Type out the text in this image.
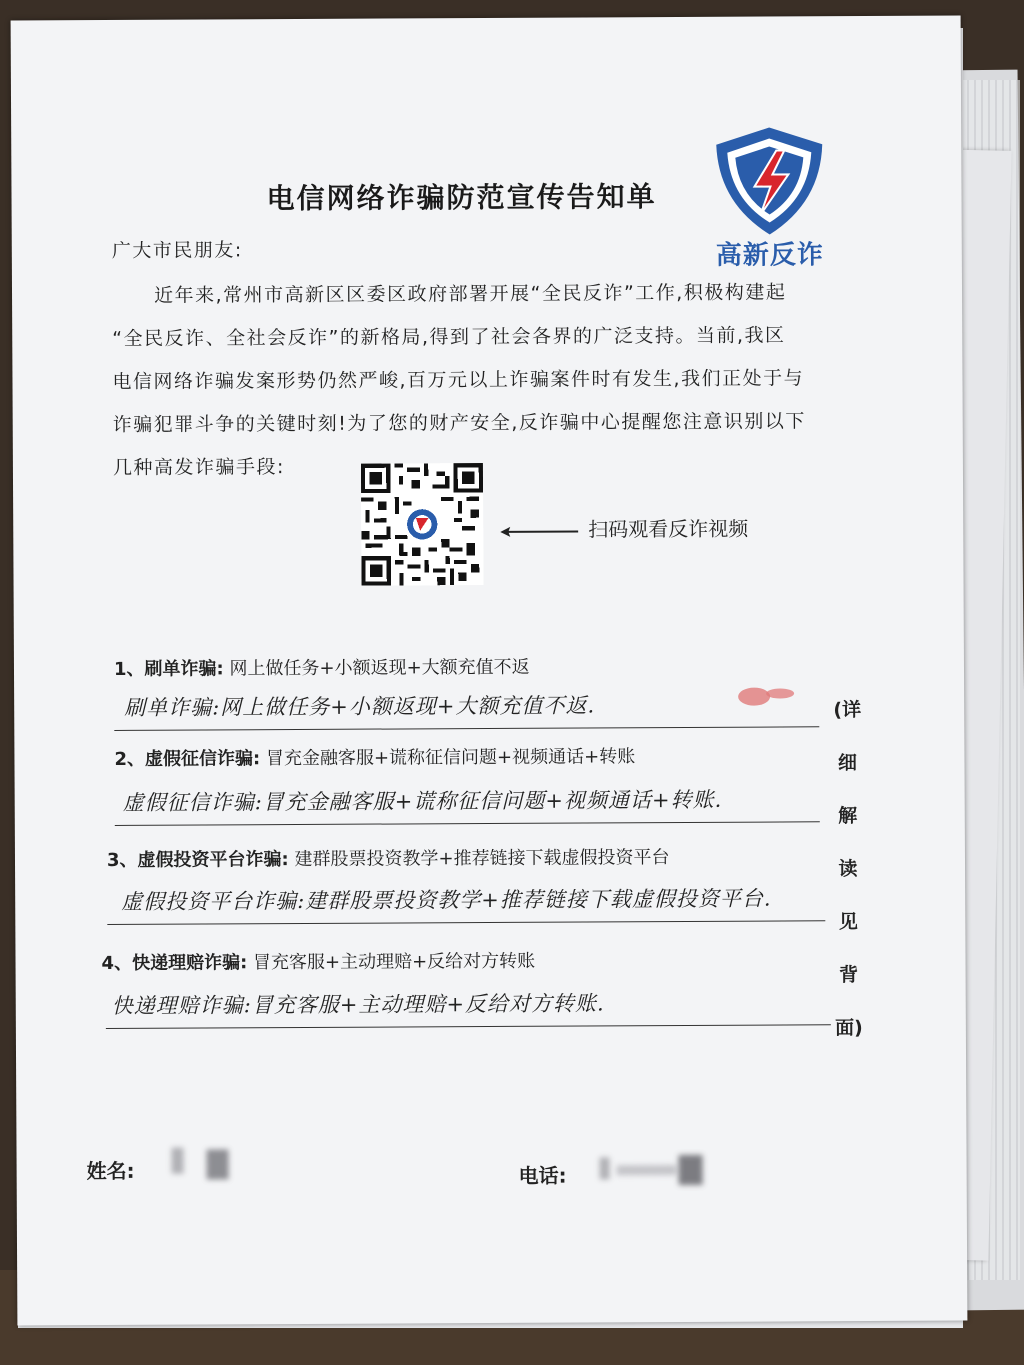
电信网络诈骗防范宣传告知单
高新反诈
广大市民朋友:
近年来,常州市高新区区委区政府部署开展“全民反诈”工作,积极构建起
“全民反诈、全社会反诈”的新格局,得到了社会各界的广泛支持。当前,我区
电信网络诈骗发案形势仍然严峻,百万元以上诈骗案件时有发生,我们正处于与
诈骗犯罪斗争的关键时刻!为了您的财产安全,反诈骗中心提醒您注意识别以下
几种高发诈骗手段:
扫码观看反诈视频
1、刷单诈骗: 网上做任务+小额返现+大额充值不返
刷单诈骗:网上做任务+小额返现+大额充值不返.
2、虚假征信诈骗: 冒充金融客服+谎称征信问题+视频通话+转账
虚假征信诈骗:冒充金融客服+谎称征信问题+视频通话+转账.
3、虚假投资平台诈骗: 建群股票投资教学+推荐链接下载虚假投资平台
虚假投资平台诈骗:建群股票投资教学+推荐链接下载虚假投资平台.
4、快递理赔诈骗: 冒充客服+主动理赔+反给对方转账
快递理赔诈骗:冒充客服+主动理赔+反给对方转账.
(详
细
解
读
见
背
面)
姓名:	电话:
